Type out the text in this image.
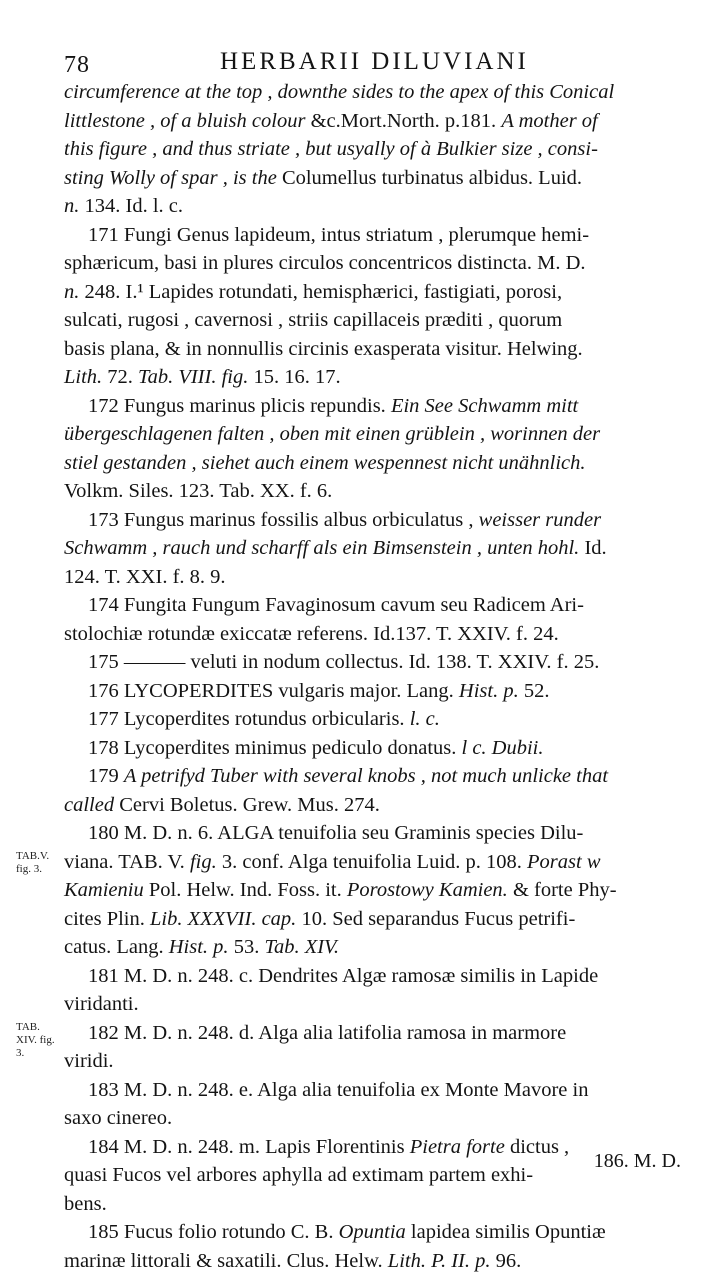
78	HERBARII DILUVIANI
circumference at the top , downthe sides to the apex of this Conical
littlestone , of a bluish colour &c.Mort.North. p.181. A mother of
this figure , and thus striate , but usyally of à Bulkier size , consi-
sting Wolly of spar , is the Columellus turbinatus albidus. Luid.
n. 134. Id. l. c.
171 Fungi Genus lapideum, intus striatum , plerumque hemi-
sphæricum, basi in plures circulos concentricos distincta. M. D.
n. 248. I.¹ Lapides rotundati, hemisphærici, fastigiati, porosi,
sulcati, rugosi , cavernosi , striis capillaceis præditi , quorum
basis plana, & in nonnullis circinis exasperata visitur. Helwing.
Lith. 72. Tab. VIII. fig. 15. 16. 17.
172 Fungus marinus plicis repundis. Ein See Schwamm mitt
übergeschlagenen falten , oben mit einen grüblein , worinnen der
stiel gestanden , siehet auch einem wespennest nicht unähnlich.
Volkm. Siles. 123. Tab. XX. f. 6.
173 Fungus marinus fossilis albus orbiculatus , weisser runder
Schwamm , rauch und scharff als ein Bimsenstein , unten hohl. Id.
124. T. XXI. f. 8. 9.
174 Fungita Fungum Favaginosum cavum seu Radicem Ari-
stolochiæ rotundæ exiccatæ referens. Id.137. T. XXIV. f. 24.
175 ——— veluti in nodum collectus. Id. 138. T. XXIV. f. 25.
176 LYCOPERDITES vulgaris major. Lang. Hist. p. 52.
177 Lycoperdites rotundus orbicularis. l. c.
178 Lycoperdites minimus pediculo donatus. l c. Dubii.
179 A petrifyd Tuber with several knobs , not much unlicke that
called Cervi Boletus. Grew. Mus. 274.
180 M. D. n. 6. ALGA tenuifolia seu Graminis species Dilu-
viana. TAB. V. fig. 3. conf. Alga tenuifolia Luid. p. 108. Porast w
Kamieniu Pol. Helw. Ind. Foss. it. Porostowy Kamien. & forte Phy-
cites Plin. Lib. XXXVII. cap. 10. Sed separandus Fucus petrifi-
catus. Lang. Hist. p. 53. Tab. XIV.
181 M. D. n. 248. c. Dendrites Algæ ramosæ similis in Lapide
viridanti.
182 M. D. n. 248. d. Alga alia latifolia ramosa in marmore
viridi.
183 M. D. n. 248. e. Alga alia tenuifolia ex Monte Mavore in
saxo cinereo.
184 M. D. n. 248. m. Lapis Florentinis Pietra forte dictus ,
quasi Fucos vel arbores aphylla ad extimam partem exhi-
bens.
185 Fucus folio rotundo C. B. Opuntia lapidea similis Opuntiæ
marinæ littorali & saxatili. Clus. Helw. Lith. P. II. p. 96.
TAB.V. fig. 3.
TAB. XIV. fig. 3.
186. M. D.
